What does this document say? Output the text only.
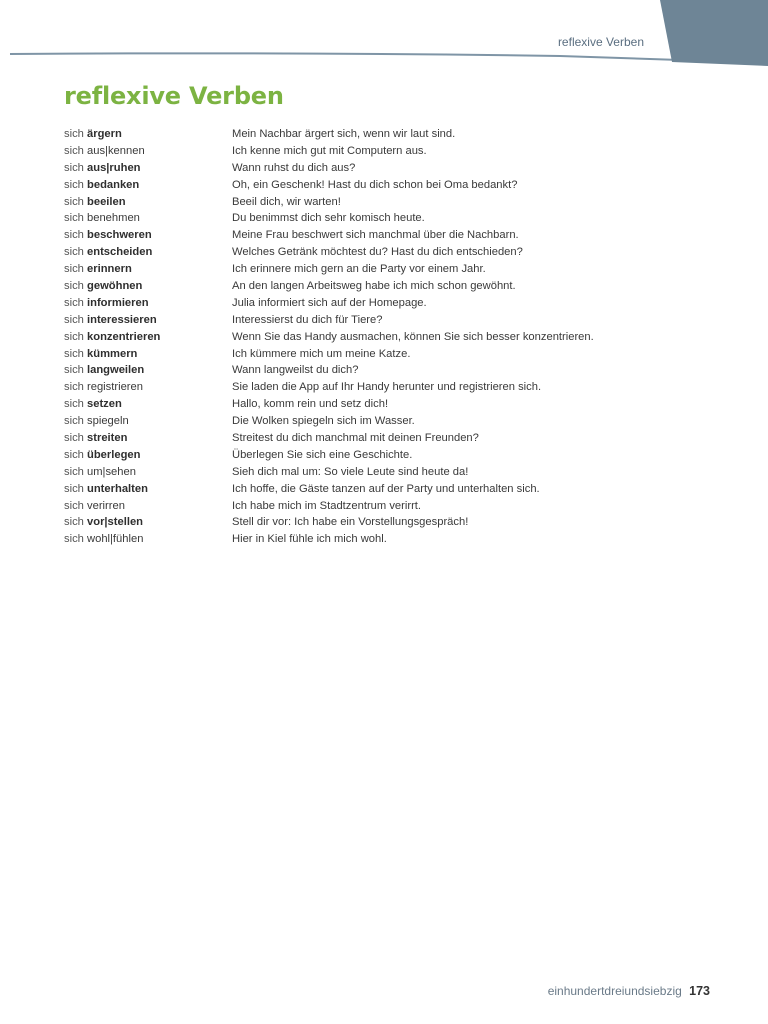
reflexive Verben
reflexive Verben
sich ärgern	Mein Nachbar ärgert sich, wenn wir laut sind.
sich aus|kennen	Ich kenne mich gut mit Computern aus.
sich aus|ruhen	Wann ruhst du dich aus?
sich bedanken	Oh, ein Geschenk! Hast du dich schon bei Oma bedankt?
sich beeilen	Beeil dich, wir warten!
sich benehmen	Du benimmst dich sehr komisch heute.
sich beschweren	Meine Frau beschwert sich manchmal über die Nachbarn.
sich entscheiden	Welches Getränk möchtest du? Hast du dich entschieden?
sich erinnern	Ich erinnere mich gern an die Party vor einem Jahr.
sich gewöhnen	An den langen Arbeitsweg habe ich mich schon gewöhnt.
sich informieren	Julia informiert sich auf der Homepage.
sich interessieren	Interessierst du dich für Tiere?
sich konzentrieren	Wenn Sie das Handy ausmachen, können Sie sich besser konzentrieren.
sich kümmern	Ich kümmere mich um meine Katze.
sich langweilen	Wann langweilst du dich?
sich registrieren	Sie laden die App auf Ihr Handy herunter und registrieren sich.
sich setzen	Hallo, komm rein und setz dich!
sich spiegeln	Die Wolken spiegeln sich im Wasser.
sich streiten	Streitest du dich manchmal mit deinen Freunden?
sich überlegen	Überlegen Sie sich eine Geschichte.
sich um|sehen	Sieh dich mal um: So viele Leute sind heute da!
sich unterhalten	Ich hoffe, die Gäste tanzen auf der Party und unterhalten sich.
sich verirren	Ich habe mich im Stadtzentrum verirrt.
sich vor|stellen	Stell dir vor: Ich habe ein Vorstellungsgespräch!
sich wohl|fühlen	Hier in Kiel fühle ich mich wohl.
einhundertdreiundsiebzig 173
